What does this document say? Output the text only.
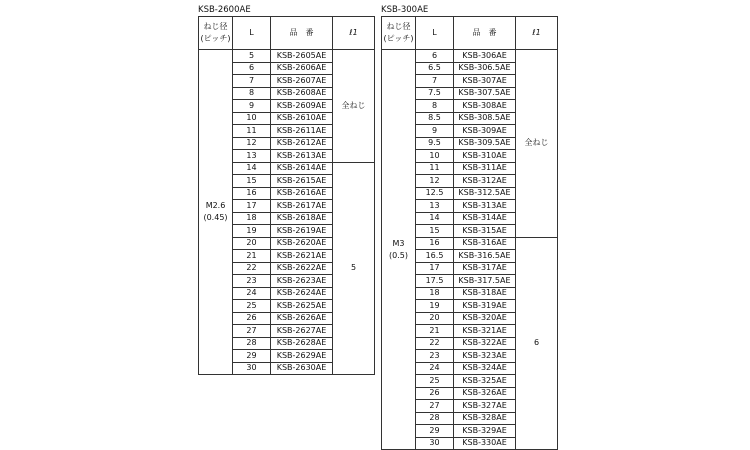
KSB-2600AE
ねじ径
(ピッチ)	L	品　番	ℓ1

M2.6
(0.45)	5	KSB-2605AE	全ねじ
	6	KSB-2606AE	
	7	KSB-2607AE	
	8	KSB-2608AE	
	9	KSB-2609AE	
	10	KSB-2610AE	
	11	KSB-2611AE	
	12	KSB-2612AE	
	13	KSB-2613AE	
	14	KSB-2614AE	5
	15	KSB-2615AE	
	16	KSB-2616AE	
	17	KSB-2617AE	
	18	KSB-2618AE	
	19	KSB-2619AE	
	20	KSB-2620AE	
	21	KSB-2621AE	
	22	KSB-2622AE	
	23	KSB-2623AE	
	24	KSB-2624AE	
	25	KSB-2625AE	
	26	KSB-2626AE	
	27	KSB-2627AE	
	28	KSB-2628AE	
	29	KSB-2629AE	
	30	KSB-2630AE	
KSB-300AE
ねじ径
(ピッチ)	L	品　番	ℓ1

M3
(0.5)	6	KSB-306AE	全ねじ
	6.5	KSB-306.5AE	
	7	KSB-307AE	
	7.5	KSB-307.5AE	
	8	KSB-308AE	
	8.5	KSB-308.5AE	
	9	KSB-309AE	
	9.5	KSB-309.5AE	
	10	KSB-310AE	
	11	KSB-311AE	
	12	KSB-312AE	
	12.5	KSB-312.5AE	
	13	KSB-313AE	
	14	KSB-314AE	
	15	KSB-315AE	
	16	KSB-316AE	6
	16.5	KSB-316.5AE	
	17	KSB-317AE	
	17.5	KSB-317.5AE	
	18	KSB-318AE	
	19	KSB-319AE	
	20	KSB-320AE	
	21	KSB-321AE	
	22	KSB-322AE	
	23	KSB-323AE	
	24	KSB-324AE	
	25	KSB-325AE	
	26	KSB-326AE	
	27	KSB-327AE	
	28	KSB-328AE	
	29	KSB-329AE	
	30	KSB-330AE	
